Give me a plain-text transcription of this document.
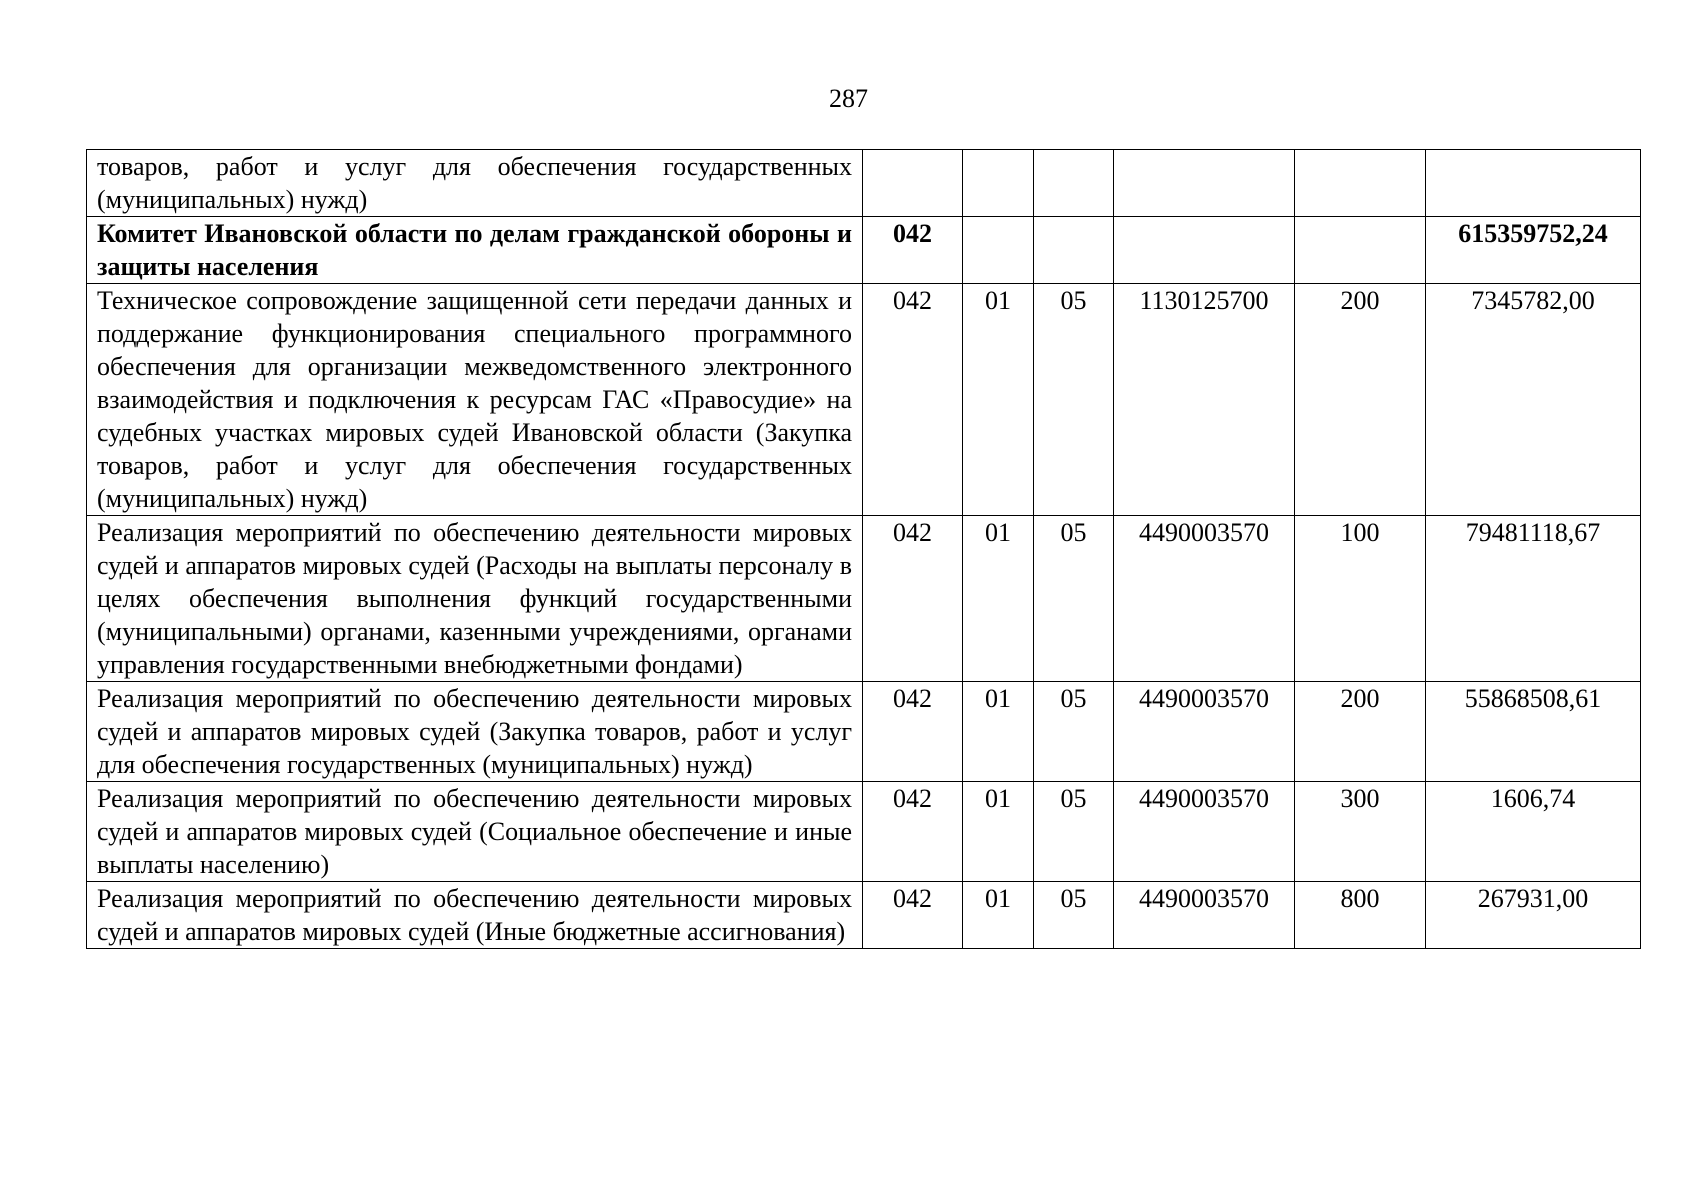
287
товаров, работ и услуг для обеспечения государственных (муниципальных) нужд)						
Комитет Ивановской области по делам гражданской обороны и защиты населения	042					615359752,24
Техническое сопровождение защищенной сети передачи данных и поддержание функционирования специального программного обеспечения для организации межведомственного электронного взаимодействия и подключения к ресурсам ГАС «Правосудие» на судебных участках мировых судей Ивановской области (Закупка товаров, работ и услуг для обеспечения государственных (муниципальных) нужд)	042	01	05	1130125700	200	7345782,00
Реализация мероприятий по обеспечению деятельности мировых судей и аппаратов мировых судей (Расходы на выплаты персоналу в целях обеспечения выполнения функций государственными (муниципальными) органами, казенными учреждениями, органами управления государственными внебюджетными фондами)	042	01	05	4490003570	100	79481118,67
Реализация мероприятий по обеспечению деятельности мировых судей и аппаратов мировых судей (Закупка товаров, работ и услуг для обеспечения государственных (муниципальных) нужд)	042	01	05	4490003570	200	55868508,61
Реализация мероприятий по обеспечению деятельности мировых судей и аппаратов мировых судей (Социальное обеспечение и иные выплаты населению)	042	01	05	4490003570	300	1606,74
Реализация мероприятий по обеспечению деятельности мировых судей и аппаратов мировых судей (Иные бюджетные ассигнования)	042	01	05	4490003570	800	267931,00
